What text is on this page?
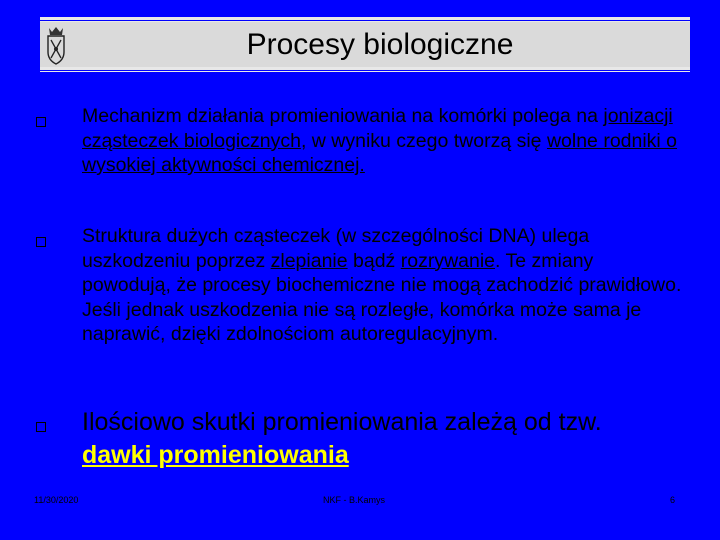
Procesy biologiczne
Mechanizm działania promieniowania na komórki polega na jonizacji cząsteczek biologicznych, w wyniku czego tworzą się wolne rodniki o wysokiej aktywności chemicznej.
Struktura dużych cząsteczek (w szczególności DNA) ulega uszkodzeniu poprzez zlepianie bądź rozrywanie. Te zmiany powodują, że procesy biochemiczne nie mogą zachodzić prawidłowo. Jeśli jednak uszkodzenia nie są rozległe, komórka może sama je naprawić, dzięki zdolnościom autoregulacyjnym.
Ilościowo skutki promieniowania zależą od tzw.
dawki promieniowania
11/30/2020	NKF - B.Kamys	6
